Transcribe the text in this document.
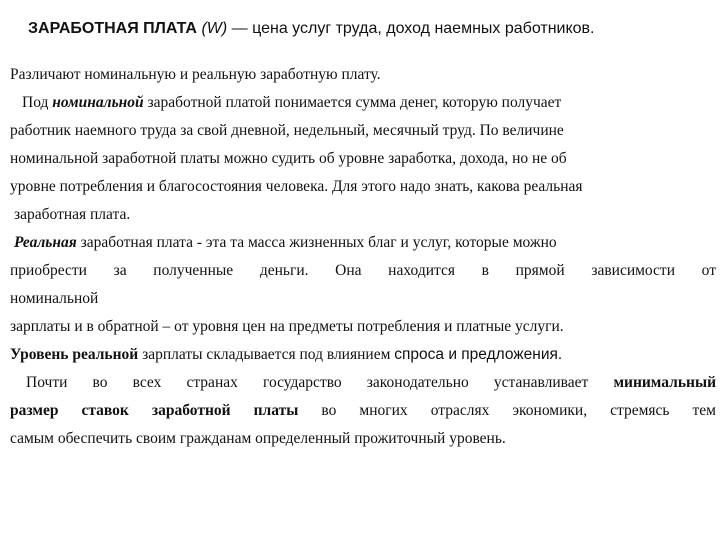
ЗАРАБОТНАЯ ПЛАТА (W) — цена услуг труда, доход наемных работников.
Различают номинальную и реальную заработную плату.
Под номинальной заработной платой понимается сумма денег, которую получает
работник наемного труда за свой дневной, недельный, месячный труд. По величине
номинальной заработной платы можно судить об уровне заработка, дохода, но не об
уровне потребления и благосостояния человека. Для этого надо знать, какова реальная
заработная плата.
Реальная заработная плата - эта та масса жизненных благ и услуг, которые можно
приобрести за полученные деньги. Она находится в прямой зависимости от
номинальной
зарплаты и в обратной – от уровня цен на предметы потребления и платные услуги.
Уровень реальной зарплаты складывается под влиянием спроса и предложения.
Почти во всех странах государство законодательно устанавливает минимальный
размер ставок заработной платы во многих отраслях экономики, стремясь тем
самым обеспечить своим гражданам определенный прожиточный уровень.
